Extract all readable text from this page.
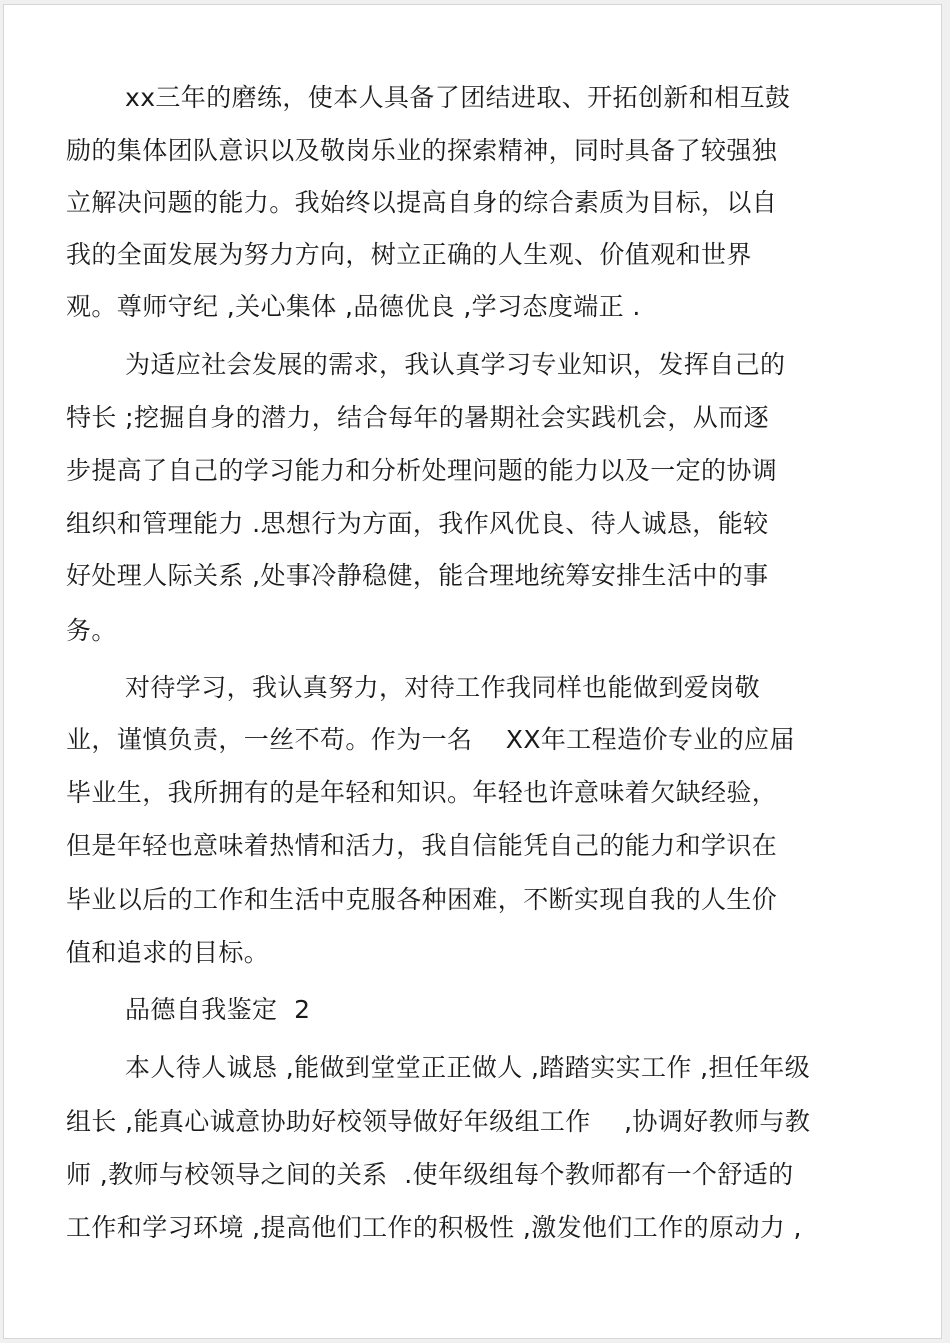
xx三年的磨练，使本人具备了团结进取、开拓创新和相互鼓

励的集体团队意识以及敬岗乐业的探索精神，同时具备了较强独

立解决问题的能力。我始终以提高自身的综合素质为目标，以自

我的全面发展为努力方向，树立正确的人生观、价值观和世界

观。尊师守纪 ,关心集体 ,品德优良 ,学习态度端正 .

为适应社会发展的需求，我认真学习专业知识，发挥自己的

特长 ;挖掘自身的潜力，结合每年的暑期社会实践机会，从而逐

步提高了自己的学习能力和分析处理问题的能力以及一定的协调

组织和管理能力 .思想行为方面，我作风优良、待人诚恳，能较

好处理人际关系 ,处事冷静稳健，能合理地统筹安排生活中的事

务。

对待学习，我认真努力，对待工作我同样也能做到爱岗敬

业，谨慎负责，一丝不苟。作为一名    XX年工程造价专业的应届

毕业生，我所拥有的是年轻和知识。年轻也许意味着欠缺经验，

但是年轻也意味着热情和活力，我自信能凭自己的能力和学识在

毕业以后的工作和生活中克服各种困难，不断实现自我的人生价

值和追求的目标。

品德自我鉴定  2

本人待人诚恳 ,能做到堂堂正正做人 ,踏踏实实工作 ,担任年级

组长 ,能真心诚意协助好校领导做好年级组工作    ,协调好教师与教

师 ,教师与校领导之间的关系  .使年级组每个教师都有一个舒适的

工作和学习环境 ,提高他们工作的积极性 ,激发他们工作的原动力 ,
